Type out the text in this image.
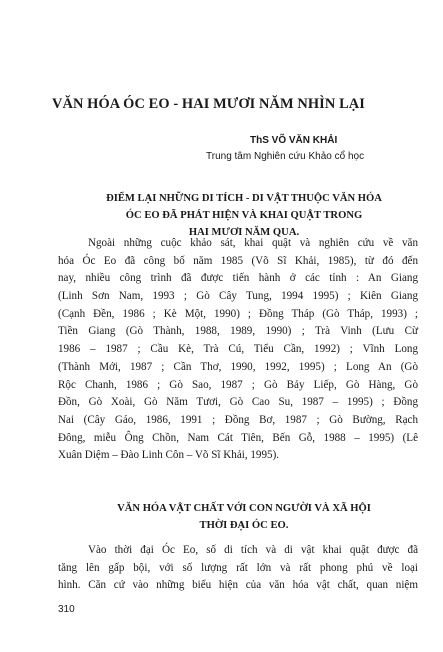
VĂN HÓA ÓC EO - HAI MƯƠI NĂM NHÌN LẠI
ThS VÕ VĂN KHẢI
Trung tâm Nghiên cứu Khảo cổ học
ĐIỂM LẠI NHỮNG DI TÍCH - DI VẬT THUỘC VĂN HÓA
ÓC EO ĐÃ PHÁT HIỆN VÀ KHAI QUẬT TRONG
HAI MƯƠI NĂM QUA.
Ngoài những cuộc khảo sát, khai quật và nghiên cứu về văn
hóa Óc Eo đã công bố năm 1985 (Võ Sĩ Khải, 1985), từ đó đến
nay, nhiều công trình đã được tiến hành ở các tỉnh : An Giang
(Linh Sơn Nam, 1993 ; Gò Cây Tung, 1994 1995) ; Kiên Giang
(Cạnh Đền, 1986 ; Kè Một, 1990) ; Đồng Tháp (Gò Tháp, 1993) ;
Tiền Giang (Gò Thành, 1988, 1989, 1990) ; Trà Vinh (Lưu Cừ
1986 – 1987 ; Cầu Kè, Trà Cú, Tiểu Cần, 1992) ; Vĩnh Long
(Thành Mới, 1987 ; Cần Thơ, 1990, 1992, 1995) ; Long An (Gò
Rộc Chanh, 1986 ; Gò Sao, 1987 ; Gò Bảy Liếp, Gò Hàng, Gò
Đồn, Gò Xoài, Gò Năm Tươi, Gò Cao Su, 1987 – 1995) ; Đồng
Nai (Cây Gáo, 1986, 1991 ; Đồng Bơ, 1987 ; Gò Bường, Rạch
Đông, miễu Ông Chồn, Nam Cát Tiên, Bến Gỗ, 1988 – 1995) (Lê
Xuân Diệm – Đào Linh Côn – Võ Sĩ Khải, 1995).
VĂN HÓA VẬT CHẤT VỚI CON NGƯỜI VÀ XÃ HỘI
THỜI ĐẠI ÓC EO.
Vào thời đại Óc Eo, số di tích và di vật khai quật được đã
tăng lên gấp bội, với số lượng rất lớn và rất phong phú về loại
hình. Căn cứ vào những biểu hiện của văn hóa vật chất, quan niệm
310
